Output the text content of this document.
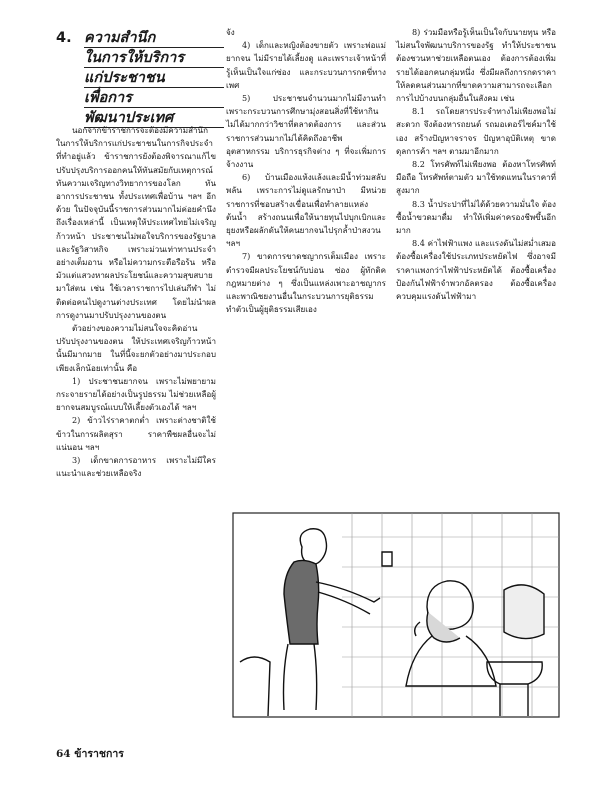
4. ความสำนึก
ในการให้บริการ
แก่ประชาชน
เพื่อการ
พัฒนาประเทศ

นอกจากข้าราชการจะต้องมีความสำนึกในการให้บริการแก่ประชาชนในการกิจประจำที่ทำอยู่แล้ว ข้าราชการยังต้องพิจารณาแก้ไขปรับปรุงบริการออกคนให้ทันสมัยกับเหตุการณ์ทันความเจริญทางวิทยาการของโลก ทันอาการประชาชน ทั้งประเทศเพื่อบ้าน ฯลฯ อีกด้วย ในปัจจุบันนี้ราชการส่วนมากไม่ค่อยคำนึงถึงเรื่องเหล่านี้ เป็นเหตุให้ประเทศไทยไม่เจริญก้าวหน้า ประชาชนไม่พอใจบริการของรัฐบาลและรัฐวิสาหกิจ เพราะม่วนเท่าทานประจำอย่างเต็มอาน หรือไม่ความกระตือรือร้น หรือมัวแต่แสวงหาผลประโยชน์และความสุขสบายมาใส่ตน เช่น ใช้เวลาราชการไปเล่นกีฬา ไม่ติดต่อคนไปดูงานต่างประเทศ โดยไม่นำผลการดูงานมาปรับปรุงงานของตน

ตัวอย่างของความไม่สนใจจะคิดอ่านปรับปรุงงานของตน ให้ประเทศเจริญก้าวหน้านั้นมีมากมาย ในที่นี้จะยกตัวอย่างมาประกอบเพียงเล็กน้อยเท่านั้น คือ

1) ประชาชนยากจน เพราะไม่พยายามกระจายรายได้อย่างเป็นรูปธรรม ไม่ช่วยเหลือผู้ยากจนสมบูรณ์แบบให้เลี้ยงตัวเองได้ ฯลฯ

2) ข้าวไร่ราคาตกต่ำ เพราะต่างชาติใช้ข้าวในการผลิตสุรา ราคาพืชผลอื่นจะไม่แน่นอน ฯลฯ

3) เด็กขาดการอาหาร เพราะไม่มีใครแนะนำและช่วยเหลือจริง

จัง

4) เด็กและหญิงต้องขายตัว เพราะพ่อแม่ยากจน ไม่มีรายได้เลี้ยงดู และเพราะเจ้าหน้าที่รู้เห็นเป็นใจแก่ซ่อง และกระบวนการกดขี่ทางเพศ

5) ประชาชนจำนวนมากไม่มีงานทำ เพราะกระบวนการศึกษามุ่งสอนสิ่งที่ใช้หากินไม่ได้มากกว่าวิชาที่ตลาดต้องการ และส่วนราชการส่วนมากไม่ได้คิดถึงอาชีพอุตสาหกรรม บริการธุรกิจต่าง ๆ ที่จะเพิ่มการจ้างงาน

6) บ้านเมืองแห้งแล้งและมีน้ำท่วมสลับพลัน เพราะการไม่ดูแลรักษาป่า มีหน่วยราชการที่ชอบสร้างเขื่อนเพื่อทำลายแหล่งต้นน้ำ สร้างถนนเพื่อให้นายทุนไปบุกเบิกและยุยงหรือผลักดันให้คนยากจนไปรุกล้ำป่าสงวน ฯลฯ

7) ขาดการขาดชญากรเต็มเมือง เพราะตำรวจมีผลประโยชน์กับบ่อน ซ่อง ผู้ทักดิคกฎหมายต่าง ๆ ซึ่งเป็นแหล่งเพาะอาชญากร และพาณิชยงานอื่นในกระบวนการยุติธรรม ทำตัวเป็นผู้ยุติธรรมเสียเอง

8) ร่วมมือหรือรู้เห็นเป็นใจกับนายทุน หรือไม่สนใจพัฒนาบริการของรัฐ ทำให้ประชาชนต้องชวนหาช่วยเหลือตนเอง ต้องการต้องเพิ่มรายได้ออกคนกลุ่มหนึ่ง ซึ่งมีผลถึงการกดราคาให้ลดคนส่วนมากที่ขาดความสามารถจะเลือกการไปบ้างบนกลุ่มอื่นในสังคม เช่น

8.1 รถโดยสารประจำทางไม่เพียงพอไม่สะดวก จึงต้องหารถยนต์ รถมอเตอร์ไซค์มาใช้เอง สร้างปัญหาจราจร ปัญหาอุบัติเหตุ ขาดดุลการค้า ฯลฯ ตามมาอีกมาก

8.2 โทรศัพท์ไม่เพียงพอ ต้องหาโทรศัพท์มือถือ โทรศัพท์ตามตัว มาใช้ทดแทนในราคาที่สูงมาก

8.3 น้ำประปาที่ไม่ได้ด้วยความมั่นใจ ต้องซื้อน้ำขวดมาดื่ม ทำให้เพิ่มค่าครองชีพขึ้นอีกมาก

8.4 ค่าไฟฟ้าแพง และแรงดันไม่สม่ำเสมอ ต้องซื้อเครื่องใช้ประเภทประหยัดไฟ ซึ่งอาจมีราคาแพงกว่าไฟฟ้าประหยัดได้ ต้องซื้อเครื่องป้องกันไฟฟ้าจำพวกอัลตรอง ต้องซื้อเครื่องควบคุมแรงดันไฟฟ้ามา

64 ข้าราชการ
